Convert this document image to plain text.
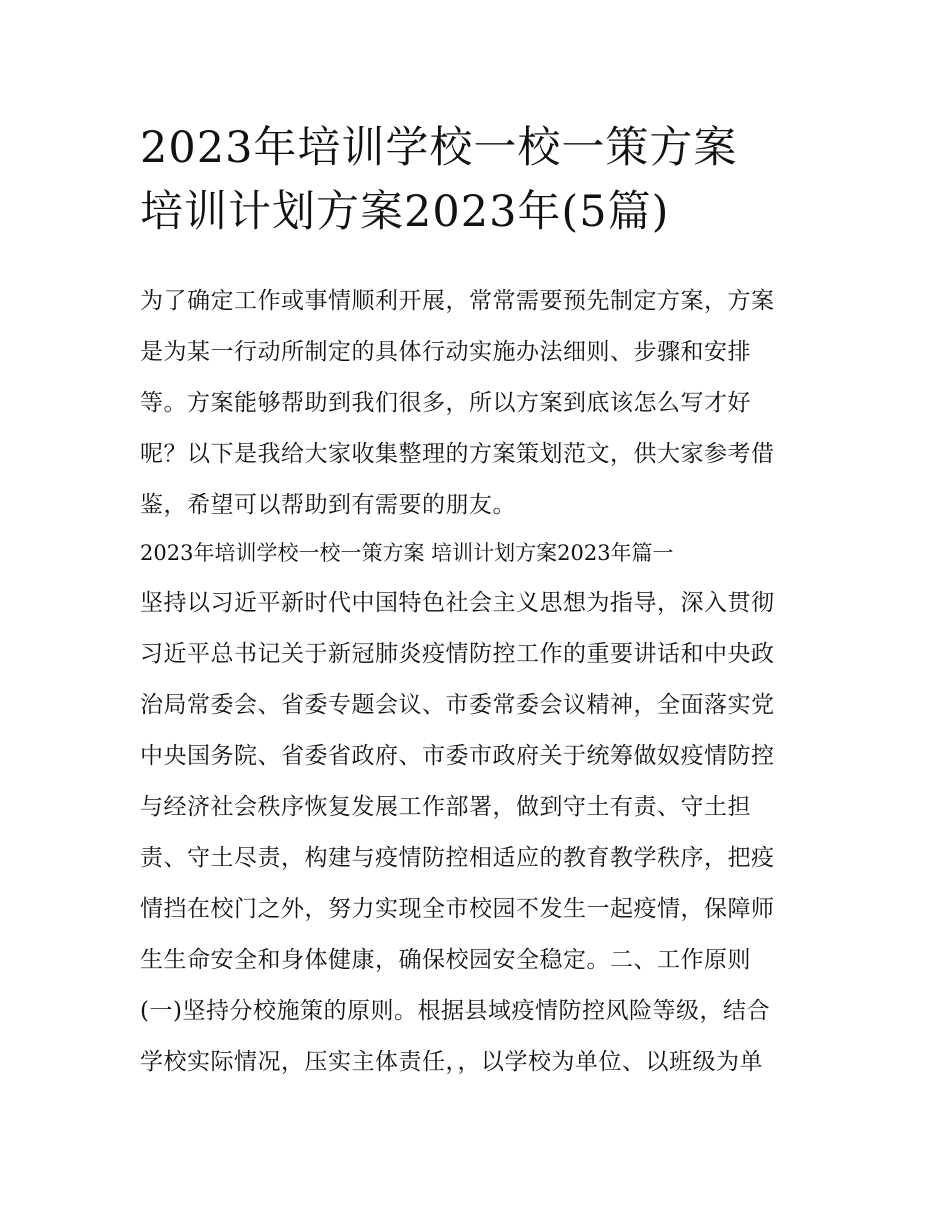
2023年培训学校一校一策方案
培训计划方案2023年(5篇)
为了确定工作或事情顺利开展，常常需要预先制定方案，方案
是为某一行动所制定的具体行动实施办法细则、步骤和安排
等。方案能够帮助到我们很多，所以方案到底该怎么写才好
呢？以下是我给大家收集整理的方案策划范文，供大家参考借
鉴，希望可以帮助到有需要的朋友。
2023年培训学校一校一策方案 培训计划方案2023年篇一
坚持以习近平新时代中国特色社会主义思想为指导，深入贯彻
习近平总书记关于新冠肺炎疫情防控工作的重要讲话和中央政
治局常委会、省委专题会议、市委常委会议精神，全面落实党
中央国务院、省委省政府、市委市政府关于统筹做奴疫情防控
与经济社会秩序恢复发展工作部署，做到守土有责、守土担
责、守土尽责，构建与疫情防控相适应的教育教学秩序，把疫
情挡在校门之外，努力实现全市校园不发生一起疫情，保障师
生生命安全和身体健康，确保校园安全稳定。二、工作原则
(一)坚持分校施策的原则。根据县域疫情防控风险等级，结合
学校实际情况，压实主体责任，，以学校为单位、以班级为单
